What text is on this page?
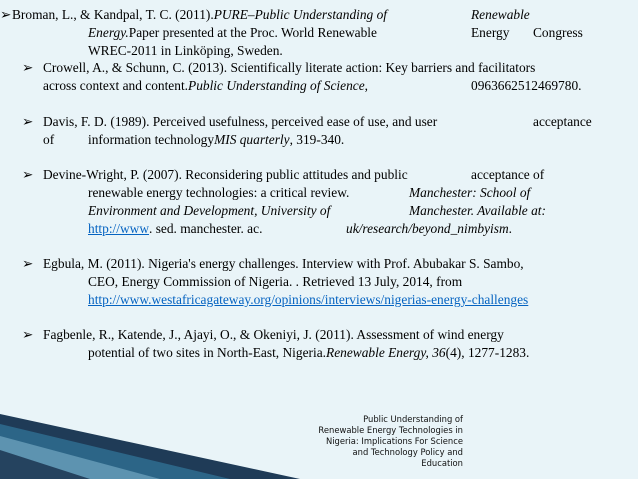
➢ Broman, L., & Kandpal, T. C. (2011). PURE–Public Understanding of	Renewable
Energy. Paper presented at the Proc. World Renewable	Energy Congress
WREC-2011 in Linköping, Sweden.
➢ Crowell, A., & Schunn, C. (2013). Scientifically literate action: Key barriers and facilitators
across context and content. Public Understanding of Science ,	096366251246978 0.
➢ Davis, F. D. (1989). Perceived usefulness, perceived ease of use, and user	acceptance
of	information technology MIS quarterly , 319-340.
➢ Devine-Wright, P. (2007). Reconsidering public attitudes and public	acceptance of
renewable energy technologies: a critical review.	Manchester: School of
Environment and Development, University of	Manchester. Available at:
http://www . sed. manchester. ac.	uk/research/beyond_nimbyism .
➢ Egbula, M. (2011). Nigeria's energy challenges. Interview with Prof. Abubakar S. Sambo,
CEO, Energy Commission of Nigeria. . Retrieved 13 July, 2014, from
http://www.westafricagateway.org/opinions/interviews/nigerias-energy-challenges
➢ Fagbenle, R., Katende, J., Ajayi, O., & Okeniyi, J. (2011). Assessment of wind energy
potential of two sites in North-East, Nigeria. Renewable Energy, 36 (4), 1277-1283.
Public Understanding of
Renewable Energy Technologies in
Nigeria: Implications For Science
and Technology Policy and
Education
